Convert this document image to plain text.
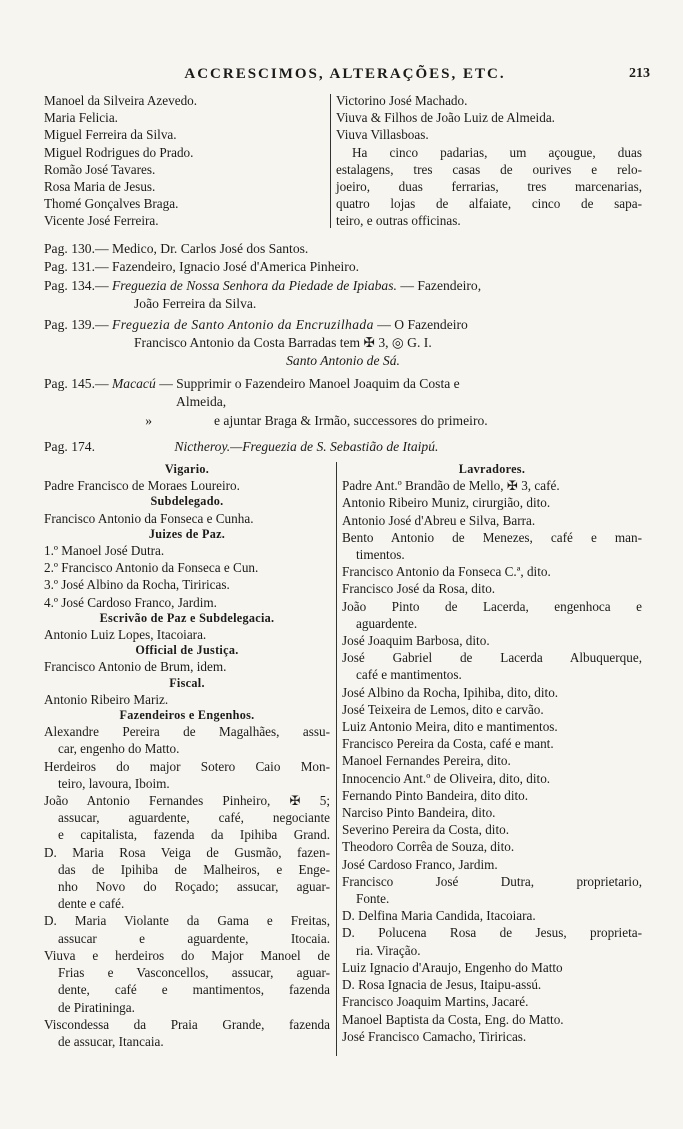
ACCRESCIMOS, ALTERAÇÕES, ETC.	213
Manoel da Silveira Azevedo.
Maria Felicia.
Miguel Ferreira da Silva.
Miguel Rodrigues do Prado.
Romão José Tavares.
Rosa Maria de Jesus.
Thomé Gonçalves Braga.
Vicente José Ferreira.
Victorino José Machado.
Viuva & Filhos de João Luiz de Almeida.
Viuva Villasboas.
Ha cinco padarias, um açougue, duas
estalagens, tres casas de ourives e relo-
joeiro, duas ferrarias, tres marcenarias,
quatro lojas de alfaiate, cinco de sapa-
teiro, e outras officinas.
Pag. 130.— Medico, Dr. Carlos José dos Santos.
Pag. 131.— Fazendeiro, Ignacio José d'America Pinheiro.
Pag. 134.— Freguezia de Nossa Senhora da Piedade de Ipiabas. — Fazendeiro,
João Ferreira da Silva.
Pag. 139.— Freguezia de Santo Antonio da Encruzilhada — O Fazendeiro
Francisco Antonio da Costa Barradas tem ✠ 3, ◎ G. I.
Santo Antonio de Sá.
Pag. 145.— Macacú — Supprimir o Fazendeiro Manoel Joaquim da Costa e
Almeida,
»	e ajuntar Braga & Irmão, successores do primeiro.
Pag. 174.	Nictheroy.—Freguezia de S. Sebastião de Itaipú.
Vigario.
Padre Francisco de Moraes Loureiro.
Subdelegado.
Francisco Antonio da Fonseca e Cunha.
Juizes de Paz.
1.º Manoel José Dutra.
2.º Francisco Antonio da Fonseca e Cun.
3.º José Albino da Rocha, Tiriricas.
4.º José Cardoso Franco, Jardim.
Escrivão de Paz e Subdelegacia.
Antonio Luiz Lopes, Itacoiara.
Official de Justiça.
Francisco Antonio de Brum, idem.
Fiscal.
Antonio Ribeiro Mariz.
Fazendeiros e Engenhos.
Alexandre Pereira de Magalhães, assu-
car, engenho do Matto.
Herdeiros do major Sotero Caio Mon-
teiro, lavoura, Iboim.
João Antonio Fernandes Pinheiro, ✠ 5;
assucar, aguardente, café, negociante
e capitalista, fazenda da Ipihiba Grand.
D. Maria Rosa Veiga de Gusmão, fazen-
das de Ipihiba de Malheiros, e Enge-
nho Novo do Roçado; assucar, aguar-
dente e café.
D. Maria Violante da Gama e Freitas,
assucar e aguardente, Itocaia.
Viuva e herdeiros do Major Manoel de
Frias e Vasconcellos, assucar, aguar-
dente, café e mantimentos, fazenda
de Piratininga.
Viscondessa da Praia Grande, fazenda
de assucar, Itancaia.
Lavradores.
Padre Ant.º Brandão de Mello, ✠ 3, café.
Antonio Ribeiro Muniz, cirurgião, dito.
Antonio José d'Abreu e Silva, Barra.
Bento Antonio de Menezes, café e man-
timentos.
Francisco Antonio da Fonseca C.ª, dito.
Francisco José da Rosa, dito.
João Pinto de Lacerda, engenhoca e
aguardente.
José Joaquim Barbosa, dito.
José Gabriel de Lacerda Albuquerque,
café e mantimentos.
José Albino da Rocha, Ipihiba, dito, dito.
José Teixeira de Lemos, dito e carvão.
Luiz Antonio Meira, dito e mantimentos.
Francisco Pereira da Costa, café e mant.
Manoel Fernandes Pereira, dito.
Innocencio Ant.º de Oliveira, dito, dito.
Fernando Pinto Bandeira, dito dito.
Narciso Pinto Bandeira, dito.
Severino Pereira da Costa, dito.
Theodoro Corrêa de Souza, dito.
José Cardoso Franco, Jardim.
Francisco José Dutra, proprietario,
Fonte.
D. Delfina Maria Candida, Itacoiara.
D. Polucena Rosa de Jesus, proprieta-
ria. Viração.
Luiz Ignacio d'Araujo, Engenho do Matto
D. Rosa Ignacia de Jesus, Itaipu-assú.
Francisco Joaquim Martins, Jacaré.
Manoel Baptista da Costa, Eng. do Matto.
José Francisco Camacho, Tiriricas.
